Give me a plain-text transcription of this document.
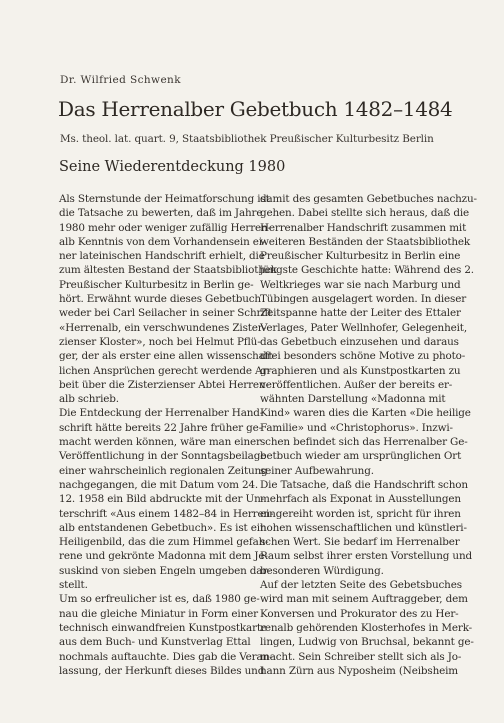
Dr. Wilfried Schwenk
Das Herrenalber Gebetbuch 1482–1484
Ms. theol. lat. quart. 9, Staatsbibliothek Preußischer Kulturbesitz Berlin
Seine Wiederentdeckung 1980
Als Sternstunde der Heimatforschung ist
die Tatsache zu bewerten, daß im Jahre
1980 mehr oder weniger zufällig Herren-
alb Kenntnis von dem Vorhandensein ei-
ner lateinischen Handschrift erhielt, die
zum ältesten Bestand der Staatsbibliothek
Preußischer Kulturbesitz in Berlin ge-
hört. Erwähnt wurde dieses Gebetbuch
weder bei Carl Seilacher in seiner Schrift
«Herrenalb, ein verschwundenes Zister-
zienser Kloster», noch bei Helmut Pflü-
ger, der als erster eine allen wissenschaft-
lichen Ansprüchen gerecht werdende Ar-
beit über die Zisterzienser Abtei Herren-
alb schrieb.
Die Entdeckung der Herrenalber Hand-
schrift hätte bereits 22 Jahre früher ge-
macht werden können, wäre man einer
Veröffentlichung in der Sonntagsbeilage
einer wahrscheinlich regionalen Zeitung
nachgegangen, die mit Datum vom 24.
12. 1958 ein Bild abdruckte mit der Un-
terschrift «Aus einem 1482–84 in Herren-
alb entstandenen Gebetbuch». Es ist ein
Heiligenbild, das die zum Himmel gefah-
rene und gekrönte Madonna mit dem Je-
suskind von sieben Engeln umgeben dar-
stellt.
Um so erfreulicher ist es, daß 1980 ge-
nau die gleiche Miniatur in Form einer
technisch einwandfreien Kunstpostkarte
aus dem Buch- und Kunstverlag Ettal
nochmals auftauchte. Dies gab die Veran-
lassung, der Herkunft dieses Bildes und
damit des gesamten Gebetbuches nachzu-
gehen. Dabei stellte sich heraus, daß die
Herrenalber Handschrift zusammen mit
weiteren Beständen der Staatsbibliothek
Preußischer Kulturbesitz in Berlin eine
jüngste Geschichte hatte: Während des 2.
Weltkrieges war sie nach Marburg und
Tübingen ausgelagert worden. In dieser
Zeitspanne hatte der Leiter des Ettaler
Verlages, Pater Wellnhofer, Gelegenheit,
das Gebetbuch einzusehen und daraus
drei besonders schöne Motive zu photo-
graphieren und als Kunstpostkarten zu
veröffentlichen. Außer der bereits er-
wähnten Darstellung «Madonna mit
Kind» waren dies die Karten «Die heilige
Familie» und «Christophorus». Inzwi-
schen befindet sich das Herrenalber Ge-
betbuch wieder am ursprünglichen Ort
seiner Aufbewahrung.
Die Tatsache, daß die Handschrift schon
mehrfach als Exponat in Ausstellungen
eingereiht worden ist, spricht für ihren
hohen wissenschaftlichen und künstleri-
schen Wert. Sie bedarf im Herrenalber
Raum selbst ihrer ersten Vorstellung und
besonderen Würdigung.
Auf der letzten Seite des Gebetsbuches
wird man mit seinem Auftraggeber, dem
Konversen und Prokurator des zu Her-
renalb gehörenden Klosterhofes in Merk-
lingen, Ludwig von Bruchsal, bekannt ge-
macht. Sein Schreiber stellt sich als Jo-
hann Zürn aus Nyposheim (Neibsheim
